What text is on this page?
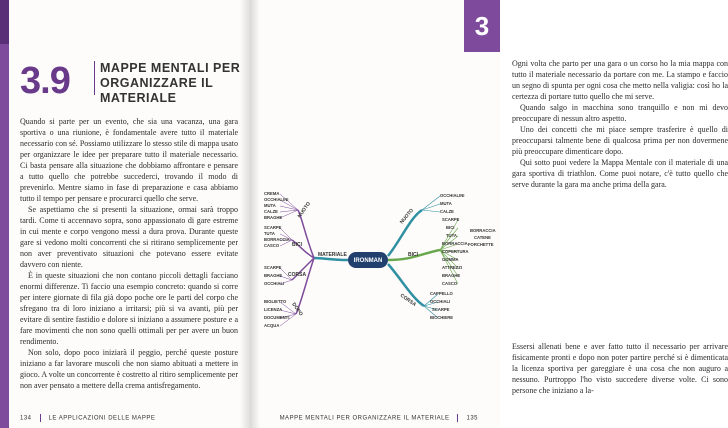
3.9	MAPPE MENTALI PER
ORGANIZZARE IL MATERIALE

Quando si parte per un evento, che sia una vacanza, una gara sportiva o una riunione, è fondamentale avere tutto il materiale necessario con sé. Possiamo utilizzare lo stesso stile di mappa usato per organizzare le idee per preparare tutto il materiale necessario. Ci basta pensare alla situazione che dobbiamo affrontare e pensare a tutto quello che potrebbe succederci, trovando il modo di prevenirlo. Mentre siamo in fase di preparazione e casa abbiamo tutto il tempo per pensare e procurarci quello che serve.

Se aspettiamo che si presenti la situazione, ormai sarà troppo tardi. Come ti accennavo sopra, sono appassionato di gare estreme in cui mente e corpo vengono messi a dura prova. Durante queste gare si vedono molti concorrenti che si ritirano semplicemente per non aver preventivato situazioni che potevano essere evitate davvero con niente.

È in queste situazioni che non contano piccoli dettagli facciano enormi differenze. Ti faccio una esempio concreto: quando si corre per intere giornate di fila già dopo poche ore le parti del corpo che sfregano tra di loro iniziano a irritarsi; più si va avanti, più per evitare di sentire fastidio e dolore si iniziano a assumere posture e a fare movimenti che non sono quelli ottimali per per avere un buon rendimento.

Non solo, dopo poco iniziarà il peggio, perché queste posture iniziano a far lavorare muscoli che non siamo abituati a mettere in gioco. A volte un concorrente è costretto al ritiro semplicemente per non aver pensato a mettere della crema antisfregamento.

134	LE APPLICAZIONI DELLE MAPPE
3

Ogni volta che parto per una gara o un corso ho la mia mappa con tutto il materiale necessario da portare con me. La stampo e faccio un segno di spunta per ogni cosa che metto nella valigia: così ho la certezza di portare tutto quello che mi serve.

Quando salgo in macchina sono tranquillo e non mi devo preoccupare di nessun altro aspetto.

Uno dei concetti che mi piace sempre trasferire è quello di preoccuparsi talmente bene di qualcosa prima per non dovermene più preoccupare dimenticare dopo.

Qui sotto puoi vedere la Mappa Mentale con il materiale di una gara sportiva di triathlon. Come puoi notare, c'è tutto quello che serve durante la gara ma anche prima della gara.

Essersi allenati bene e aver fatto tutto il necessario per arrivare fisicamente pronti e dopo non poter partire perché si è dimenticata la licenza sportiva per gareggiare è una cosa che non auguro a nessuno. Purtroppo l'ho visto succedere diverse volte. Ci sono persone che iniziano a la-

MAPPE MENTALI PER ORGANIZZARE IL MATERIALE	135
IRONMAN
MATERIALE
NUOTO
BICI
CORSA
OCCHIALINI
MUTA
CALZE
SCARPE
BICI
TUTA
BORRACCIA
COPERTURA
GOMMA
ATTREZZI
BRAGHE
CASCO
FORCHETTE
BORRACCIA
CATENE
CAPPELLO
OCCHIALI
SCARPE
BICCHIERE
NUOTO
BICI
CORSA
DOPO
CREMA
OCCHIALINI
MUTA
CALZE
BRAGHE
SCARPE
TUTA
BORRACCIA
CASCO
SCARPE
BRAGHE
OCCHIALI
BIGLIETTO
LICENZA
DOCUMENTI
ACQUA
